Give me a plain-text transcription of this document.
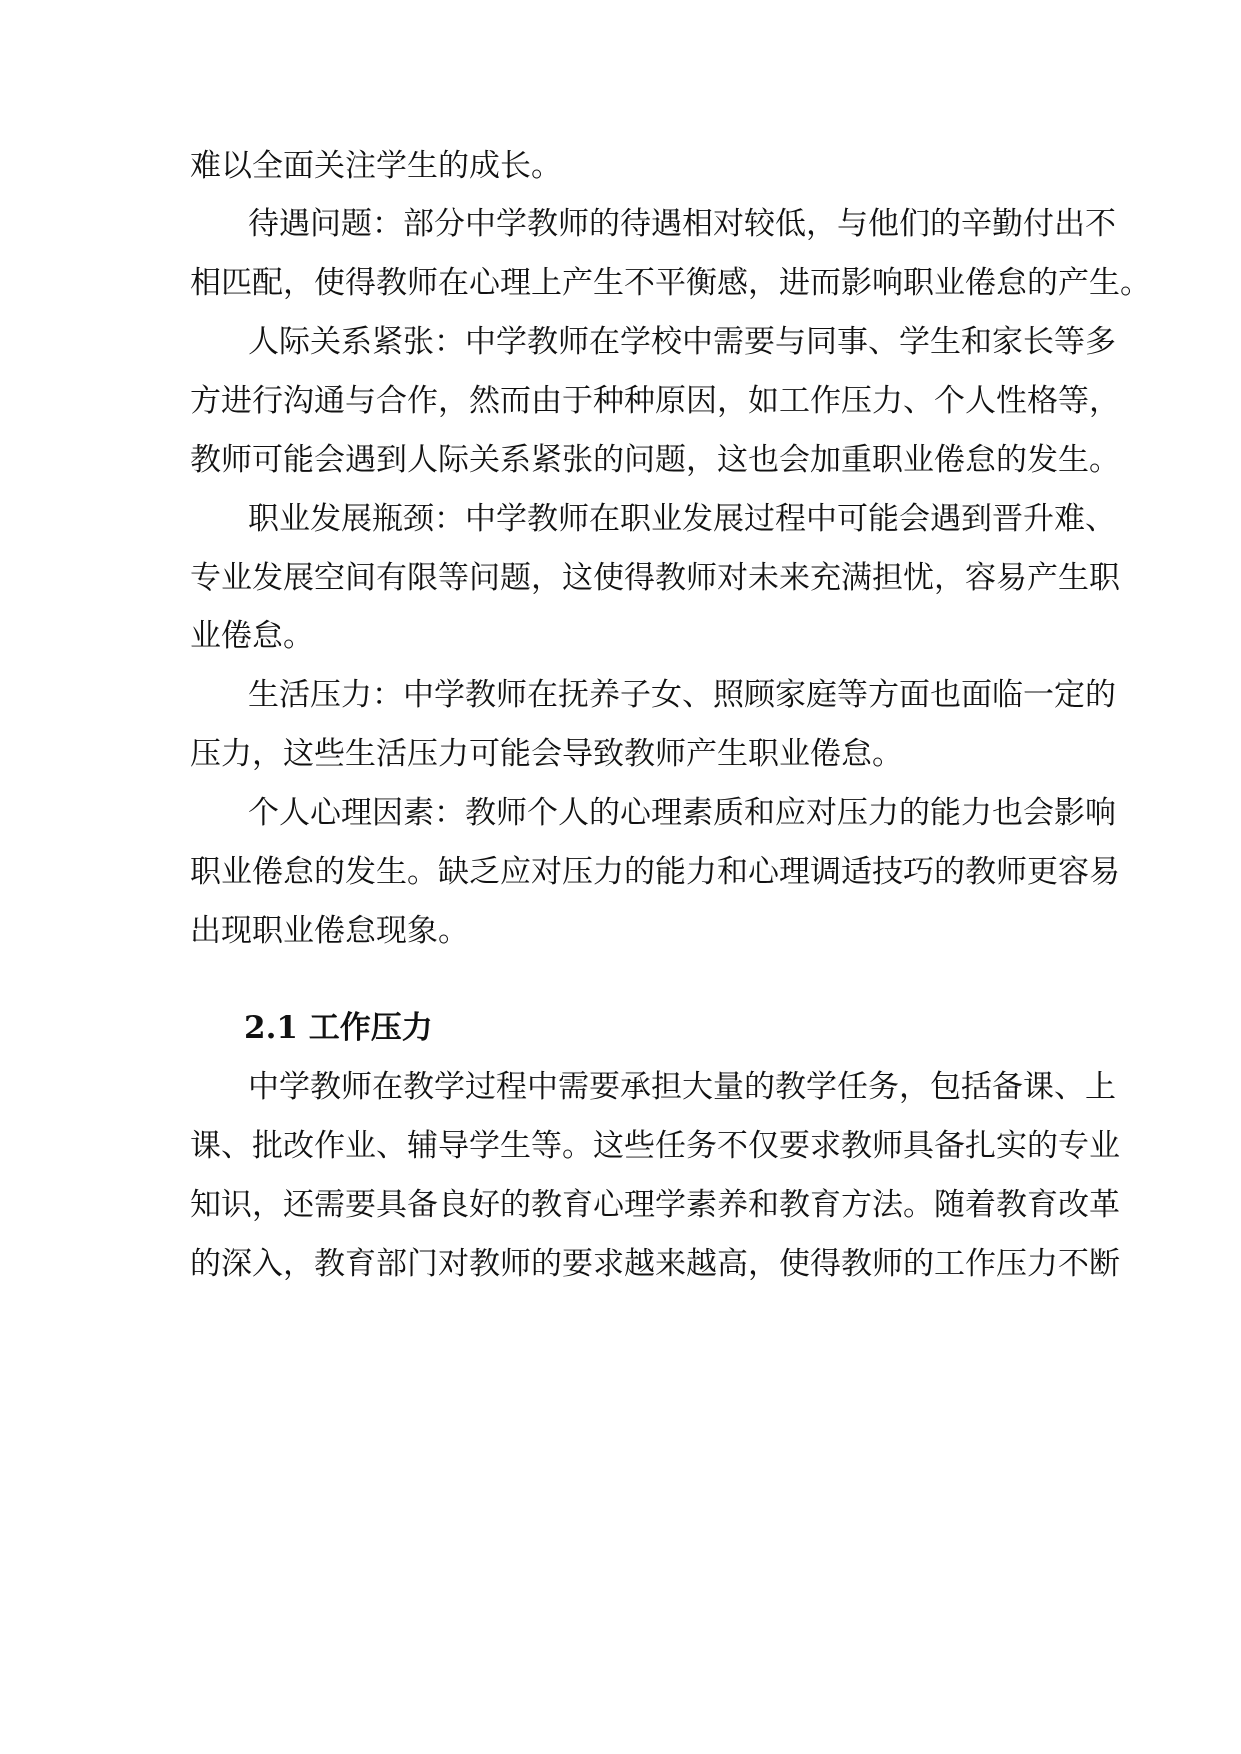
难以全面关注学生的成长。
待遇问题：部分中学教师的待遇相对较低，与他们的辛勤付出不
相匹配，使得教师在心理上产生不平衡感，进而影响职业倦怠的产生。
人际关系紧张：中学教师在学校中需要与同事、学生和家长等多
方进行沟通与合作，然而由于种种原因，如工作压力、个人性格等，
教师可能会遇到人际关系紧张的问题，这也会加重职业倦怠的发生。
职业发展瓶颈：中学教师在职业发展过程中可能会遇到晋升难、
专业发展空间有限等问题，这使得教师对未来充满担忧，容易产生职
业倦怠。
生活压力：中学教师在抚养子女、照顾家庭等方面也面临一定的
压力，这些生活压力可能会导致教师产生职业倦怠。
个人心理因素：教师个人的心理素质和应对压力的能力也会影响
职业倦怠的发生。缺乏应对压力的能力和心理调适技巧的教师更容易
出现职业倦怠现象。
2.1 工作压力
中学教师在教学过程中需要承担大量的教学任务，包括备课、上
课、批改作业、辅导学生等。这些任务不仅要求教师具备扎实的专业
知识，还需要具备良好的教育心理学素养和教育方法。随着教育改革
的深入，教育部门对教师的要求越来越高，使得教师的工作压力不断
